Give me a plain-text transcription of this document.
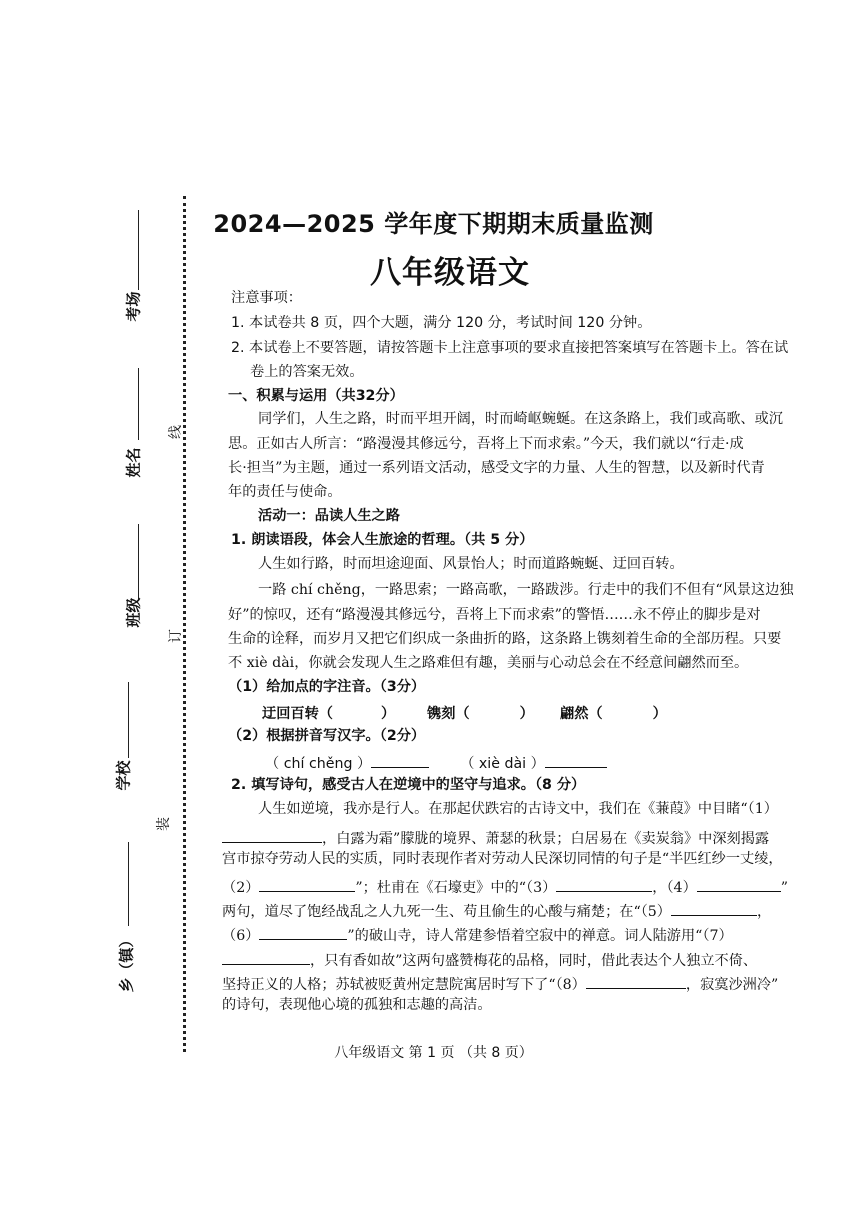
考场
姓名
班级
学校
乡（镇）
线
订
装
2024—2025 学年度下期期末质量监测
八年级语文
注意事项：
1. 本试卷共 8 页，四个大题，满分 120 分，考试时间 120 分钟。
2. 本试卷上不要答题，请按答题卡上注意事项的要求直接把答案填写在答题卡上。答在试
卷上的答案无效。
一、积累与运用（共32分）
同学们，人生之路，时而平坦开阔，时而崎岖蜿蜒。在这条路上，我们或高歌、或沉
思。正如古人所言：“路漫漫其修远兮，吾将上下而求索。”今天，我们就以“行走·成
长·担当”为主题，通过一系列语文活动，感受文字的力量、人生的智慧，以及新时代青
年的责任与使命。
活动一：品读人生之路
1. 朗读语段，体会人生旅途的哲理。（共 5 分）
人生如行路，时而坦途迎面、风景怡人；时而道路蜿蜒、迂回百转。
一路 chí chěng，一路思索；一路高歌，一路跋涉。行走中的我们不但有“风景这边独
好”的惊叹，还有“路漫漫其修远兮，吾将上下而求索”的警悟……永不停止的脚步是对
生命的诠释，而岁月又把它们织成一条曲折的路，这条路上镌刻着生命的全部历程。只要
不 xiè dài，你就会发现人生之路难但有趣，美丽与心动总会在不经意间翩然而至。
（1）给加点的字注音。（3分）
迂回百转（	） 镌刻（	） 翩然（	）
（2）根据拼音写汉字。（2分）
（ chí chěng ）	（ xiè dài ）
2. 填写诗句，感受古人在逆境中的坚守与追求。（8 分）
人生如逆境，我亦是行人。在那起伏跌宕的古诗文中，我们在《蒹葭》中目睹“（1）
，白露为霜”朦胧的境界、萧瑟的秋景；白居易在《卖炭翁》中深刻揭露
宫市掠夺劳动人民的实质，同时表现作者对劳动人民深切同情的句子是“半匹红纱一丈绫，
（2）	”；杜甫在《石壕吏》中的“（3）	，（4）	”
两句，道尽了饱经战乱之人九死一生、苟且偷生的心酸与痛楚；在“（5）	，
（6）	”的破山寺，诗人常建参悟着空寂中的禅意。词人陆游用“（7）
，只有香如故”这两句盛赞梅花的品格，同时，借此表达个人独立不倚、
坚持正义的人格；苏轼被贬黄州定慧院寓居时写下了“（8）	，寂寞沙洲冷”
的诗句，表现他心境的孤独和志趣的高洁。
八年级语文 第 1 页 （共 8 页）
